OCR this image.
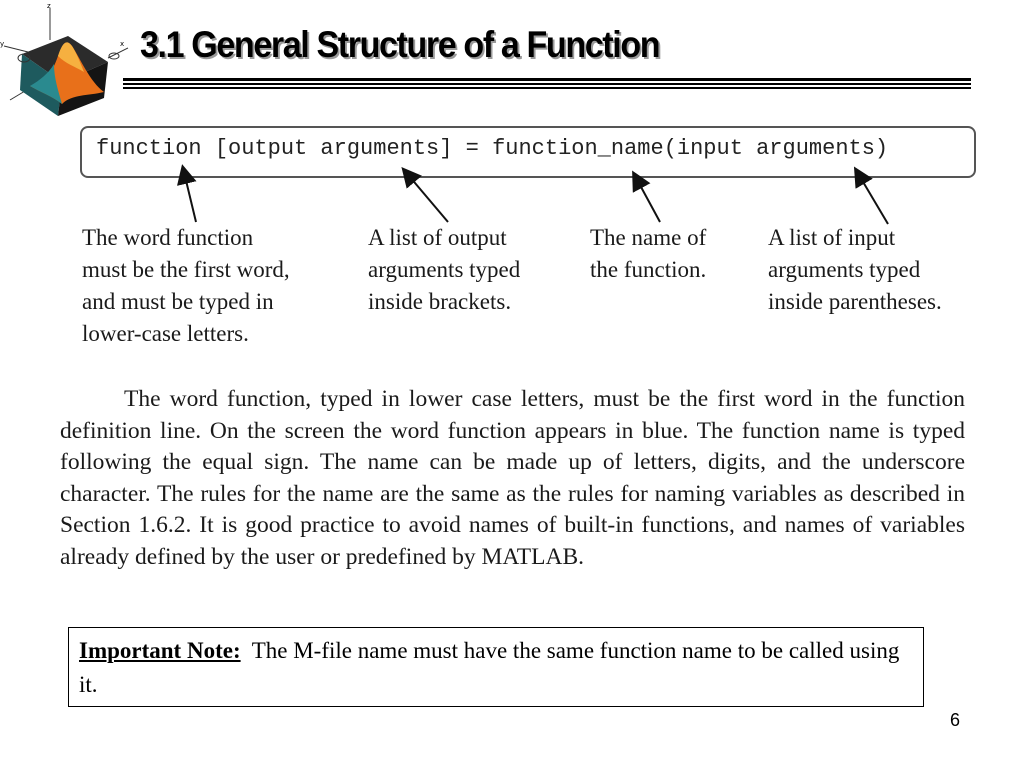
z
y	x 3.1 General Structure of a Function
function [output arguments] = function_name(input arguments)
The word function
must be the first word,
and must be typed in
lower-case letters.
A list of output
arguments typed
inside brackets.
The name of
the function.
A list of input
arguments typed
inside parentheses.
The word function, typed in lower case letters, must be the first word in the function definition line. On the screen the word function appears in blue. The function name is typed following the equal sign. The name can be made up of letters, digits, and the underscore character. The rules for the name are the same as the rules for naming variables as described in Section 1.6.2. It is good practice to avoid names of built-in functions, and names of variables already defined by the user or predefined by MATLAB.
Important Note: The M-file name must have the same function name to be called using it.
6
